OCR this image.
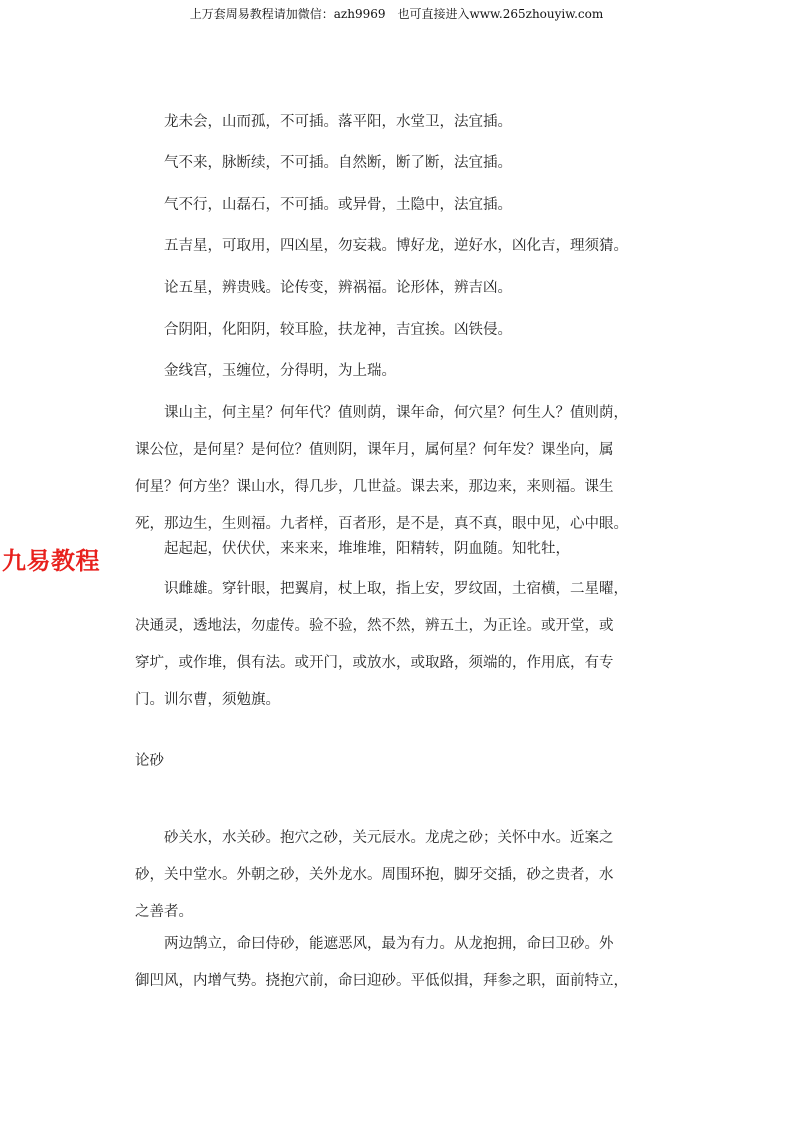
上万套周易教程请加微信：azh9969　也可直接进入www.265zhouyiw.com
九易教程
龙未会，山而孤，不可插。落平阳，水堂卫，法宜插。
气不来，脉断续，不可插。自然断，断了断，法宜插。
气不行，山磊石，不可插。或异骨，土隐中，法宜插。
五吉星，可取用，四凶星，勿妄栽。博好龙，逆好水，凶化吉，理须猜。
论五星，辨贵贱。论传变，辨祸福。论形体，辨吉凶。
合阴阳，化阳阴，较耳脸，扶龙神，吉宜挨。凶铁侵。
金线宫，玉缠位，分得明，为上瑞。
课山主，何主星？何年代？值则荫，课年命，何穴星？何生人？值则荫，
课公位，是何星？是何位？值则阴，课年月，属何星？何年发？课坐向，属
何星？何方坐？课山水，得几步，几世益。课去来，那边来，来则福。课生
死，那边生，生则福。九者样，百者形，是不是，真不真，眼中见，心中眼。
起起起，伏伏伏，来来来，堆堆堆，阳精转，阴血随。知牝牡，
识雌雄。穿针眼，把翼肩，杖上取，指上安，罗纹固，土宿横，二星曜，
决通灵，透地法，勿虚传。验不验，然不然，辨五土，为正诠。或开堂，或
穿圹，或作堆，俱有法。或开门，或放水，或取路，须端的，作用底，有专
门。训尔曹，须勉旗。
论砂
砂关水，水关砂。抱穴之砂，关元辰水。龙虎之砂；关怀中水。近案之
砂，关中堂水。外朝之砂，关外龙水。周围环抱，脚牙交插，砂之贵者，水
之善者。
两边鹄立，命曰侍砂，能遮恶风，最为有力。从龙抱拥，命曰卫砂。外
御凹风，内增气势。挠抱穴前，命曰迎砂。平低似揖，拜参之职，面前特立，
